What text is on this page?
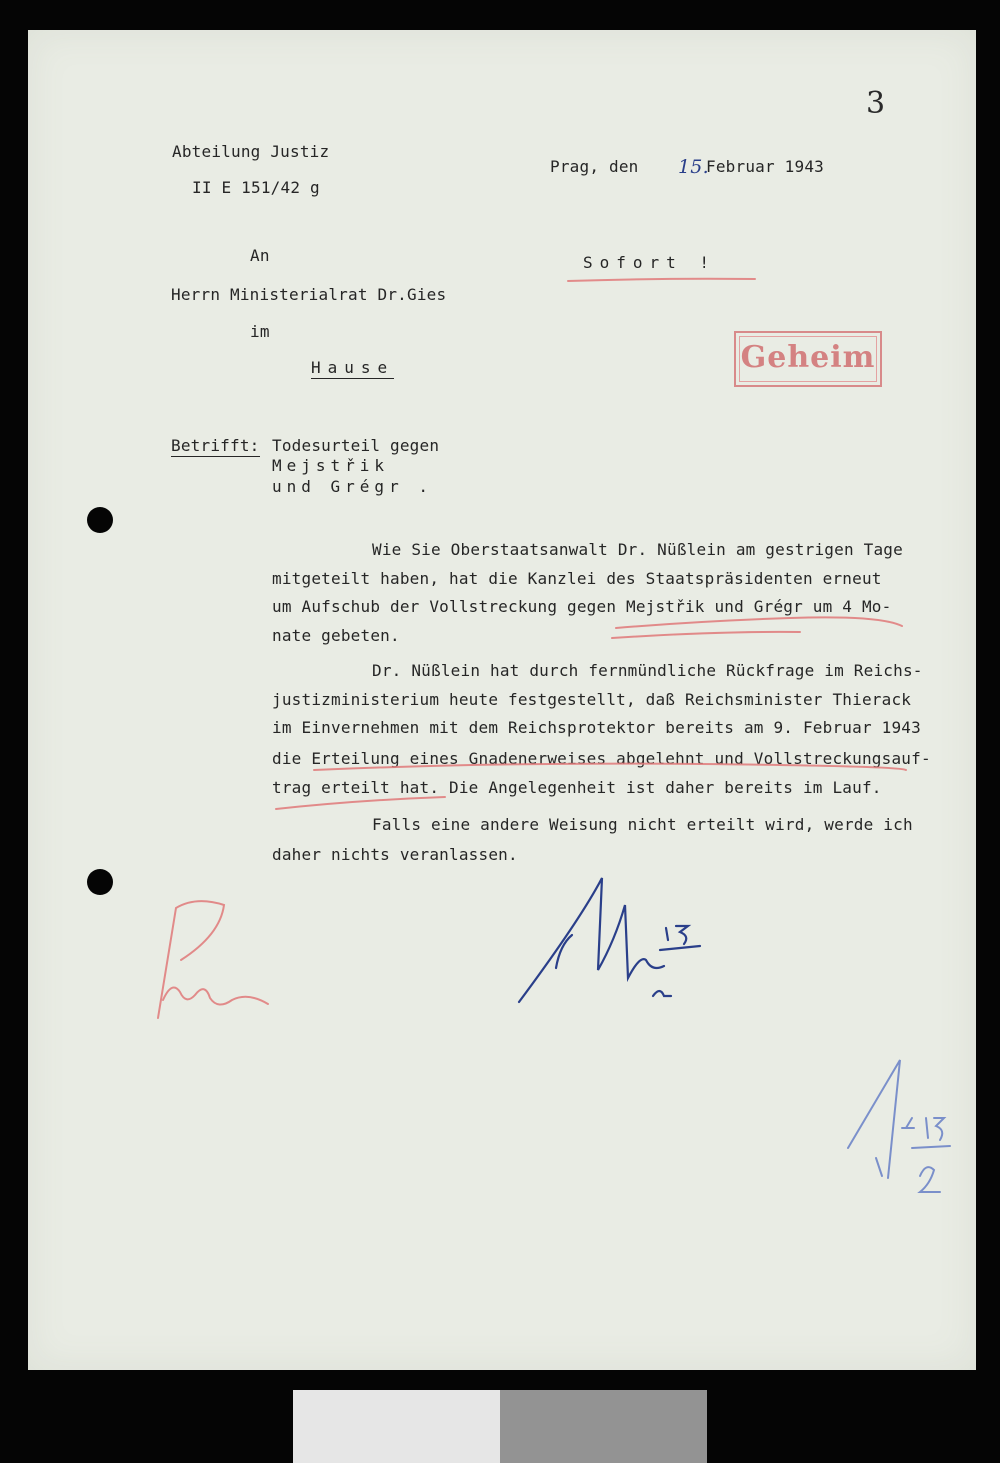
3
Abteilung Justiz
II E 151/42 g
Prag, den 15.
Februar 1943
An
Herrn Ministerialrat Dr.Gies
im
Hause
Sofort !
Geheim
Betrifft: Todesurteil gegen
Mejstřik
und Grégr .
Wie Sie Oberstaatsanwalt Dr. Nüßlein am gestrigen Tage
mitgeteilt haben, hat die Kanzlei des Staatspräsidenten erneut
um Aufschub der Vollstreckung gegen Mejstřik und Grégr um 4 Mo-
nate gebeten.
Dr. Nüßlein hat durch fernmündliche Rückfrage im Reichs-
justizministerium heute festgestellt, daß Reichsminister Thierack
im Einvernehmen mit dem Reichsprotektor bereits am 9. Februar 1943
die Erteilung eines Gnadenerweises abgelehnt und Vollstreckungsauf-
trag erteilt hat. Die Angelegenheit ist daher bereits im Lauf.
Falls eine andere Weisung nicht erteilt wird, werde ich
daher nichts veranlassen.
